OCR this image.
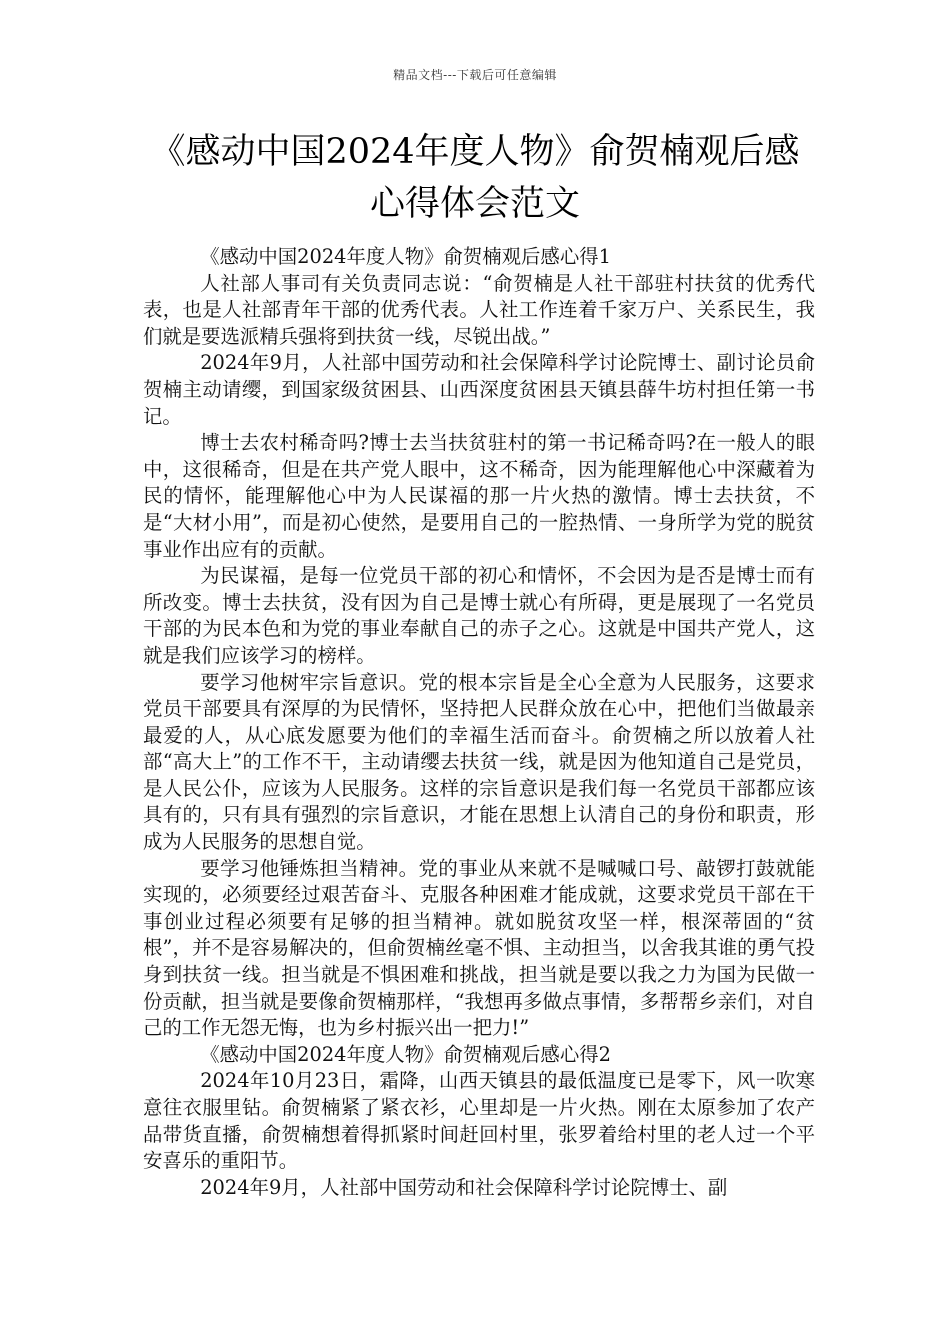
精品文档---下载后可任意编辑
《感动中国2024年度人物》俞贺楠观后感
心得体会范文

《感动中国2024年度人物》俞贺楠观后感心得1

人社部人事司有关负责同志说：“俞贺楠是人社干部驻村扶贫的优秀代表，也是人社部青年干部的优秀代表。人社工作连着千家万户、关系民生，我们就是要选派精兵强将到扶贫一线，尽锐出战。”

2024年9月，人社部中国劳动和社会保障科学讨论院博士、副讨论员俞贺楠主动请缨，到国家级贫困县、山西深度贫困县天镇县薛牛坊村担任第一书记。

博士去农村稀奇吗?博士去当扶贫驻村的第一书记稀奇吗?在一般人的眼中，这很稀奇，但是在共产党人眼中，这不稀奇，因为能理解他心中深藏着为民的情怀，能理解他心中为人民谋福的那一片火热的激情。博士去扶贫，不是“大材小用”，而是初心使然，是要用自己的一腔热情、一身所学为党的脱贫事业作出应有的贡献。

为民谋福，是每一位党员干部的初心和情怀，不会因为是否是博士而有所改变。博士去扶贫，没有因为自己是博士就心有所碍，更是展现了一名党员干部的为民本色和为党的事业奉献自己的赤子之心。这就是中国共产党人，这就是我们应该学习的榜样。

要学习他树牢宗旨意识。党的根本宗旨是全心全意为人民服务，这要求党员干部要具有深厚的为民情怀，坚持把人民群众放在心中，把他们当做最亲最爱的人，从心底发愿要为他们的幸福生活而奋斗。俞贺楠之所以放着人社部“高大上”的工作不干，主动请缨去扶贫一线，就是因为他知道自己是党员，是人民公仆，应该为人民服务。这样的宗旨意识是我们每一名党员干部都应该具有的，只有具有强烈的宗旨意识，才能在思想上认清自己的身份和职责，形成为人民服务的思想自觉。

要学习他锤炼担当精神。党的事业从来就不是喊喊口号、敲锣打鼓就能实现的，必须要经过艰苦奋斗、克服各种困难才能成就，这要求党员干部在干事创业过程必须要有足够的担当精神。就如脱贫攻坚一样，根深蒂固的“贫根”，并不是容易解决的，但俞贺楠丝毫不惧、主动担当，以舍我其谁的勇气投身到扶贫一线。担当就是不惧困难和挑战，担当就是要以我之力为国为民做一份贡献，担当就是要像俞贺楠那样，“我想再多做点事情，多帮帮乡亲们，对自己的工作无怨无悔，也为乡村振兴出一把力!”

《感动中国2024年度人物》俞贺楠观后感心得2

2024年10月23日，霜降，山西天镇县的最低温度已是零下，风一吹寒意往衣服里钻。俞贺楠紧了紧衣衫，心里却是一片火热。刚在太原参加了农产品带货直播，俞贺楠想着得抓紧时间赶回村里，张罗着给村里的老人过一个平安喜乐的重阳节。

2024年9月，人社部中国劳动和社会保障科学讨论院博士、副
